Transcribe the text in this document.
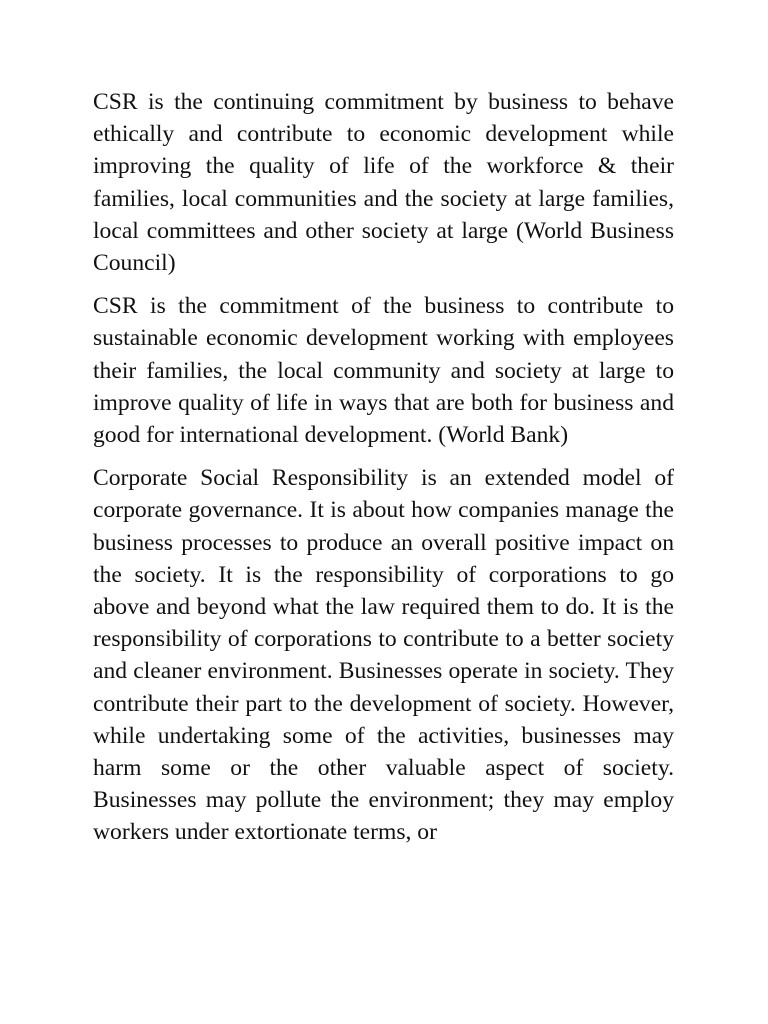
CSR is the continuing commitment by business to behave ethically and contribute to economic development while improving the quality of life of the workforce & their families, local communities and the society at large families, local committees and other society at large (World Business Council)

CSR is the commitment of the business to contribute to sustainable economic development working with employees their families, the local community and society at large to improve quality of life in ways that are both for business and good for international development. (World Bank)

Corporate Social Responsibility is an extended model of corporate governance. It is about how companies manage the business processes to produce an overall positive impact on the society. It is the responsibility of corporations to go above and beyond what the law required them to do. It is the responsibility of corporations to contribute to a better society and cleaner environment. Businesses operate in society. They contribute their part to the development of society. However, while undertaking some of the activities, businesses may harm some or the other valuable aspect of society. Businesses may pollute the environment; they may employ workers under extortionate terms, or
